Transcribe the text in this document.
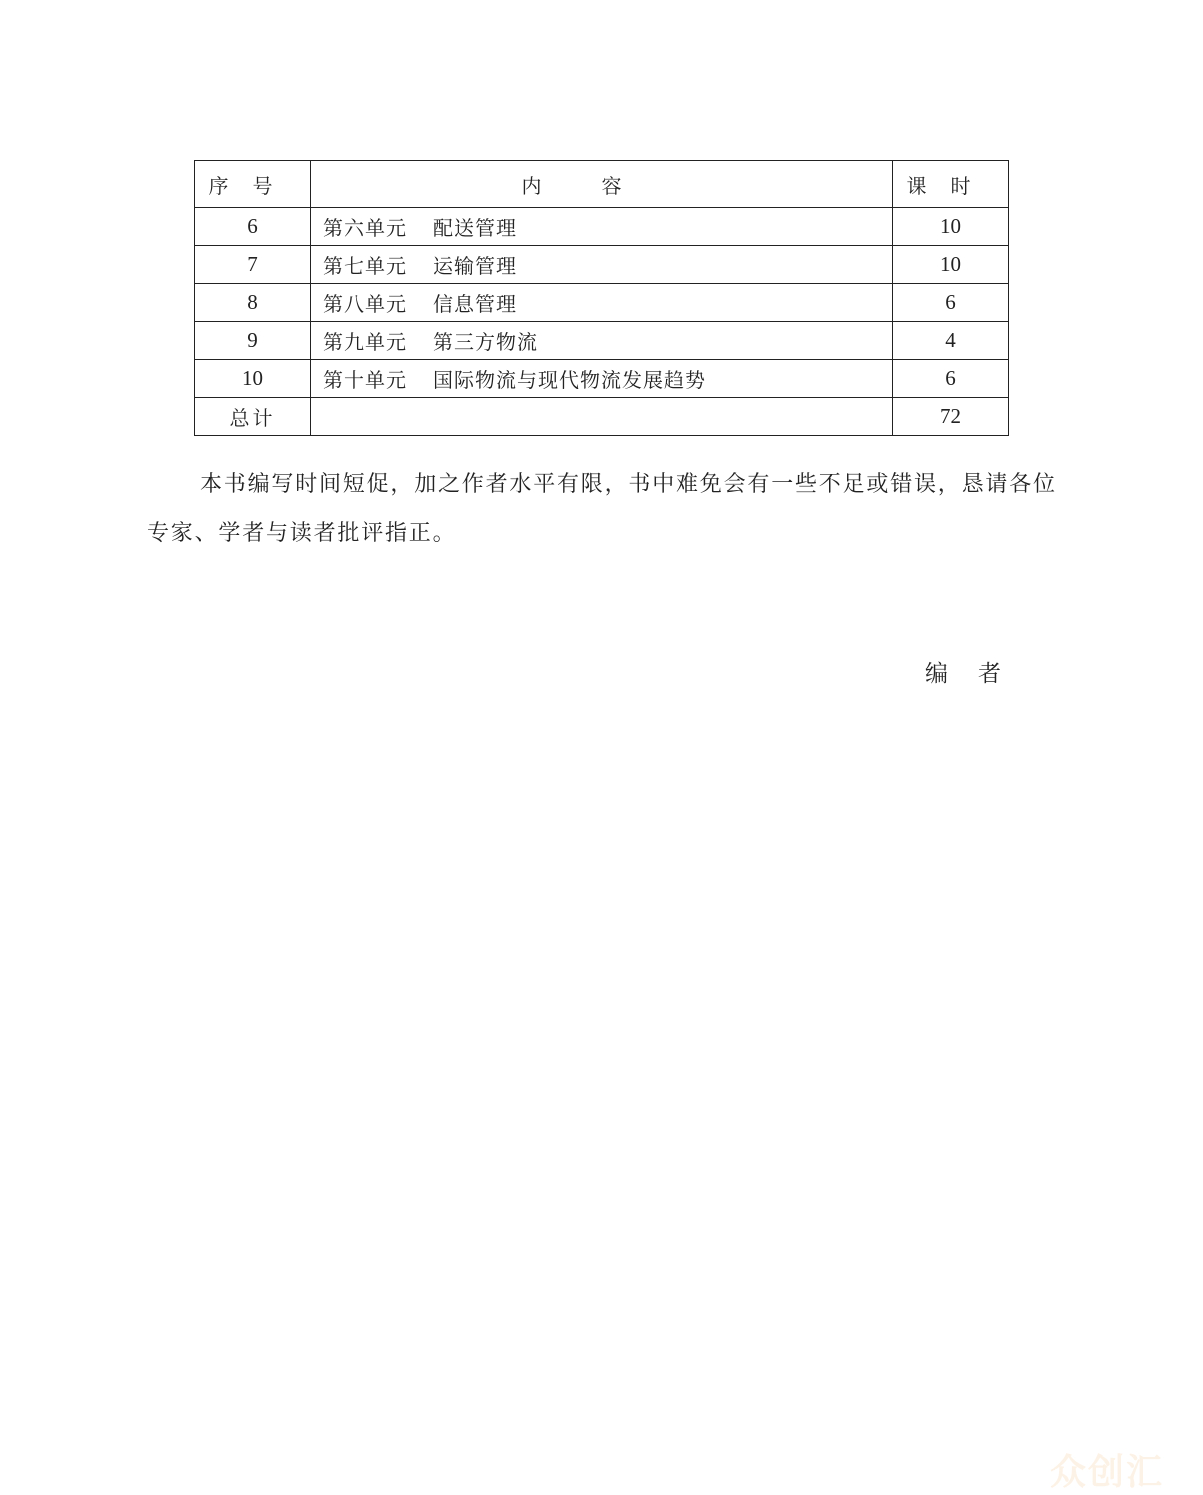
序号	内容	课时
6	第六单元 配送管理	10
7	第七单元 运输管理	10
8	第八单元 信息管理	6
9	第九单元 第三方物流	4
10	第十单元 国际物流与现代物流发展趋势	6
总计		72
本书编写时间短促，加之作者水平有限，书中难免会有一些不足或错误，恳请各位专家、学者与读者批评指正。
编者
众创汇
